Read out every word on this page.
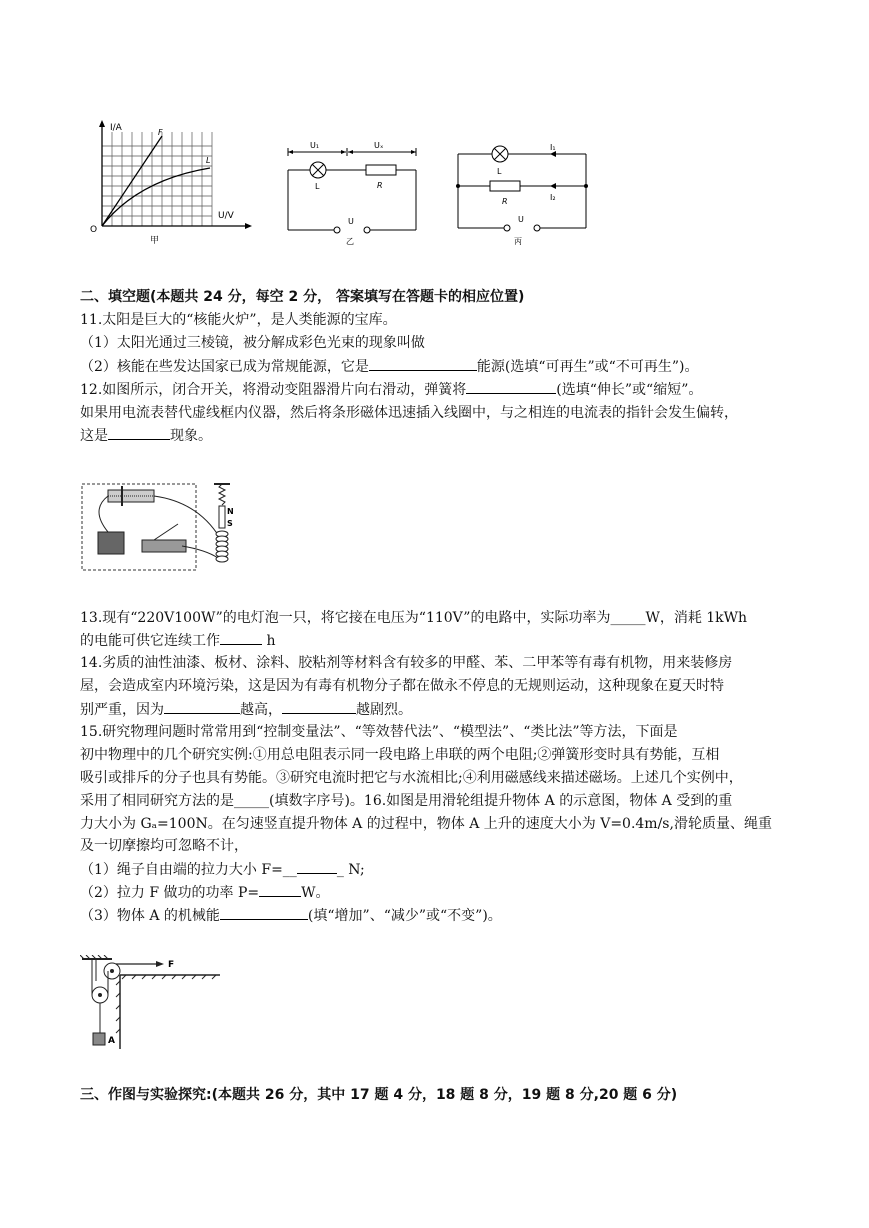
I/A
U/V
O
F
L
甲
U₁	Uₓ
L	R
U
乙
L
I₁
R	I₂
U
丙
二、填空题(本题共 24 分，每空 2 分， 答案填写在答题卡的相应位置)
11.太阳是巨大的“核能火炉”，是人类能源的宝库。
（1）太阳光通过三棱镜，被分解成彩色光束的现象叫做
（2）核能在些发达国家已成为常规能源，它是	能源(选填“可再生”或“不可再生”)。
12.如图所示，闭合开关，将滑动变阻器滑片向右滑动，弹簧将	(选填“伸长”或“缩短”。
如果用电流表替代虚线框内仪器，然后将条形磁体迅速插入线圈中，与之相连的电流表的指针会发生偏转，
这是	现象。
N
S
13.现有“220V100W”的电灯泡一只，将它接在电压为“110V”的电路中，实际功率为_____W，消耗 1kWh
的电能可供它连续工作	h
14.劣质的油性油漆、板材、涂料、胶粘剂等材料含有较多的甲醛、苯、二甲苯等有毒有机物，用来装修房
屋，会造成室内环境污染，这是因为有毒有机物分子都在做永不停息的无规则运动，这种现象在夏天时特
别严重，因为	越高，	越剧烈。
15.研究物理问题时常常用到“控制变量法”、“等效替代法”、“模型法”、“类比法”等方法，下面是
初中物理中的几个研究实例:①用总电阻表示同一段电路上串联的两个电阻;②弹簧形变时具有势能，互相
吸引或排斥的分子也具有势能。③研究电流时把它与水流相比;④利用磁感线来描述磁场。上述几个实例中，
采用了相同研究方法的是_____(填数字序号)。16.如图是用滑轮组提升物体 A 的示意图，物体 A 受到的重
力大小为 Gₐ=100N。在匀速竖直提升物体 A 的过程中，物体 A 上升的速度大小为 V=0.4m/s,滑轮质量、绳重
及一切摩擦均可忽略不计，
（1）绳子自由端的拉力大小 F=__	_ N;
（2）拉力 F 做功的功率 P=	W。
（3）物体 A 的机械能	(填“增加”、“减少”或“不变”)。
F
A
三、作图与实验探究:(本题共 26 分，其中 17 题 4 分，18 题 8 分，19 题 8 分,20 题 6 分)
